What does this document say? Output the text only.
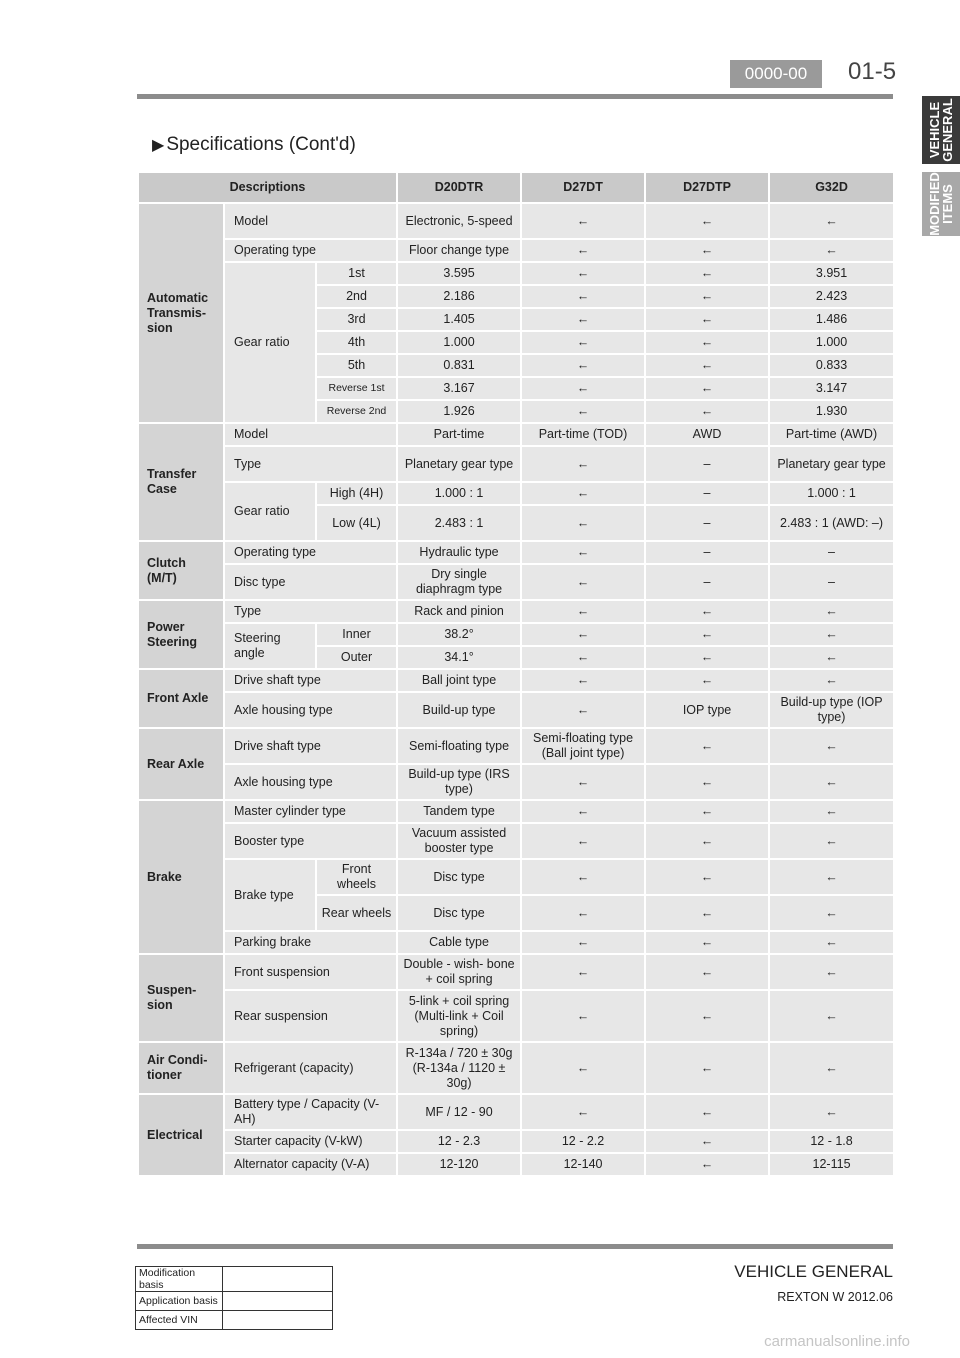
0000-00	01-5
VEHICLE
GENERAL
MODIFIED
ITEMS
▶ Specifications (Cont'd)
Descriptions			D20DTR	D27DT	D27DTP	G32D
Automatic Transmis- sion	Model		Electronic, 5-speed	←	←	←
	Operating type		Floor change type	←	←	←
	Gear ratio	1st	3.595	←	←	3.951
		2nd	2.186	←	←	2.423
		3rd	1.405	←	←	1.486
		4th	1.000	←	←	1.000
		5th	0.831	←	←	0.833
		Reverse 1st	3.167	←	←	3.147
		Reverse 2nd	1.926	←	←	1.930
Transfer Case	Model		Part-time	Part-time (TOD)	AWD	Part-time (AWD)
	Type		Planetary gear type	←	–	Planetary gear type
	Gear ratio	High (4H)	1.000 : 1	←	–	1.000 : 1
		Low (4L)	2.483 : 1	←	–	2.483 : 1 (AWD: –)
Clutch (M/T)	Operating type		Hydraulic type	←	–	–
	Disc type		Dry single diaphragm type	←	–	–
Power Steering	Type		Rack and pinion	←	←	←
	Steering angle	Inner	38.2°	←	←	←
		Outer	34.1°	←	←	←
Front Axle	Drive shaft type		Ball joint type	←	←	←
	Axle housing type		Build-up type	←	IOP type	Build-up type (IOP type)
Rear Axle	Drive shaft type		Semi-floating type	Semi-floating type (Ball joint type)	←	←
	Axle housing type		Build-up type (IRS type)	←	←	←
Brake	Master cylinder type		Tandem type	←	←	←
	Booster type		Vacuum assisted booster type	←	←	←
	Brake type	Front wheels	Disc type	←	←	←
		Rear wheels	Disc type	←	←	←
	Parking brake		Cable type	←	←	←
Suspen- sion	Front suspension		Double - wish- bone + coil spring	←	←	←
	Rear suspension		5-link + coil spring (Multi-link + Coil spring)	←	←	←
Air Condi- tioner	Refrigerant (capacity)		R-134a / 720 ± 30g (R-134a / 1120 ± 30g)	←	←	←
Electrical	Battery type / Capacity (V-AH)		MF / 12 - 90	←	←	←
	Starter capacity (V-kW)		12 - 2.3	12 - 2.2	←	12 - 1.8
	Alternator capacity (V-A)		12-120	12-140	←	12-115
Modification basis	
Application basis	
Affected VIN	
VEHICLE GENERAL
REXTON W 2012.06
carmanualsonline.info
